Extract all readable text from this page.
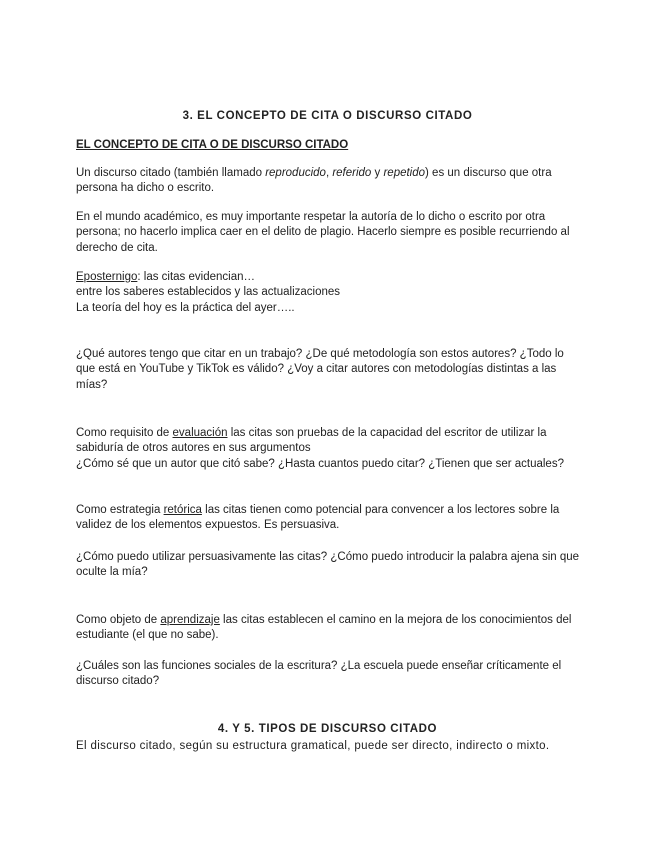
3. EL CONCEPTO DE CITA O DISCURSO CITADO

EL CONCEPTO DE CITA O DE DISCURSO CITADO

Un discurso citado (también llamado reproducido, referido y repetido) es un discurso que otra persona ha dicho o escrito.

En el mundo académico, es muy importante respetar la autoría de lo dicho o escrito por otra persona; no hacerlo implica caer en el delito de plagio. Hacerlo siempre es posible recurriendo al derecho de cita.

Eposternigo: las citas evidencian…
entre los saberes establecidos y las actualizaciones
La teoría del hoy es la práctica del ayer…..

¿Qué autores tengo que citar en un trabajo? ¿De qué metodología son estos autores? ¿Todo lo que está en YouTube y TikTok es válido? ¿Voy a citar autores con metodologías distintas a las mías?

Como requisito de evaluación las citas son pruebas de la capacidad del escritor de utilizar la sabiduría de otros autores en sus argumentos
¿Cómo sé que un autor que citó sabe? ¿Hasta cuantos puedo citar? ¿Tienen que ser actuales?

Como estrategia retórica las citas tienen como potencial para convencer a los lectores sobre la validez de los elementos expuestos. Es persuasiva.

¿Cómo puedo utilizar persuasivamente las citas? ¿Cómo puedo introducir la palabra ajena sin que oculte la mía?

Como objeto de aprendizaje las citas establecen el camino en la mejora de los conocimientos del estudiante (el que no sabe).

¿Cuáles son las funciones sociales de la escritura? ¿La escuela puede enseñar críticamente el discurso citado?

4. Y 5. TIPOS DE DISCURSO CITADO

El discurso citado, según su estructura gramatical, puede ser directo, indirecto o mixto.
